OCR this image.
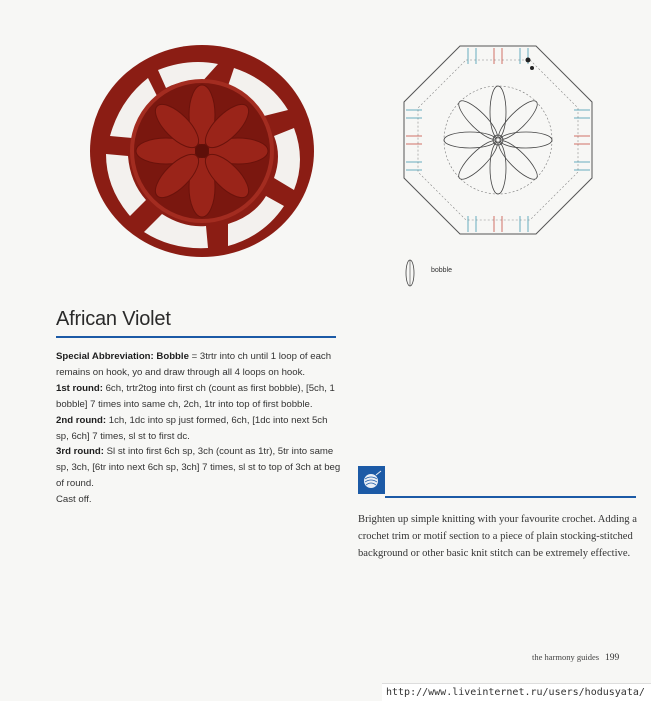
bobble
African Violet

Special Abbreviation: Bobble = 3trtr into ch until 1 loop of each remains on hook, yo and draw through all 4 loops on hook.

1st round: 6ch, trtr2tog into first ch (count as first bobble), [5ch, 1 bobble] 7 times into same ch, 2ch, 1tr into top of first bobble.

2nd round: 1ch, 1dc into sp just formed, 6ch, [1dc into next 5ch sp, 6ch] 7 times, sl st to first dc.

3rd round: Sl st into first 6ch sp, 3ch (count as 1tr), 5tr into same sp, 3ch, [6tr into next 6ch sp, 3ch] 7 times, sl st to top of 3ch at beg of round.

Cast off.

Brighten up simple knitting with your favourite crochet. Adding a crochet trim or motif section to a piece of plain stocking-stitched background or other basic knit stitch can be extremely effective.
the harmony guides 199
http://www.liveinternet.ru/users/hodusyata/
